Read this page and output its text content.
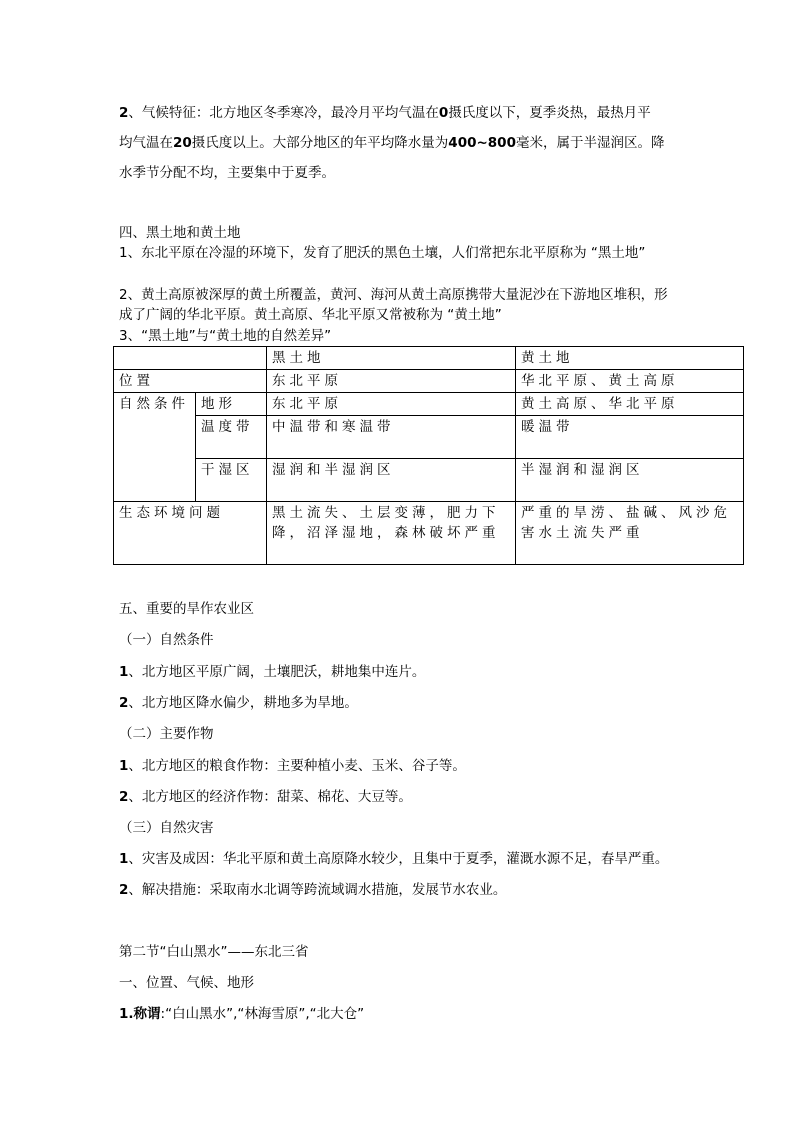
2、气候特征：北方地区冬季寒冷，最冷月平均气温在0摄氏度以下，夏季炎热，最热月平
均气温在20摄氏度以上。大部分地区的年平均降水量为400~800毫米，属于半湿润区。降
水季节分配不均，主要集中于夏季。
四、黑土地和黄土地
1、东北平原在冷湿的环境下，发育了肥沃的黑色土壤，人们常把东北平原称为 “黑土地”
2、黄土高原被深厚的黄土所覆盖，黄河、海河从黄土高原携带大量泥沙在下游地区堆积，形成了广阔的华北平原。黄土高原、华北平原又常被称为 “黄土地”
3、“黑土地”与“黄土地的自然差异”
		黑土地	黄土地
位置		东北平原	华北平原、黄土高原
自然条件	地形	东北平原	黄土高原、华北平原
	温度带	中温带和寒温带	暖温带
	干湿区	湿润和半湿润区	半湿润和湿润区
生态环境问题		黑土流失、土层变薄，肥力下降，沼泽湿地，森林破坏严重	严重的旱涝、盐碱、风沙危害水土流失严重
五、重要的旱作农业区
（一）自然条件
1、北方地区平原广阔，土壤肥沃，耕地集中连片。
2、北方地区降水偏少，耕地多为旱地。
（二）主要作物
1、北方地区的粮食作物：主要种植小麦、玉米、谷子等。
2、北方地区的经济作物：甜菜、棉花、大豆等。
（三）自然灾害
1、灾害及成因：华北平原和黄土高原降水较少，且集中于夏季，灌溉水源不足，春旱严重。
2、解决措施：采取南水北调等跨流域调水措施，发展节水农业。
第二节“白山黑水”——东北三省
一、位置、气候、地形
1.称谓:“白山黑水”,“林海雪原”,“北大仓”
